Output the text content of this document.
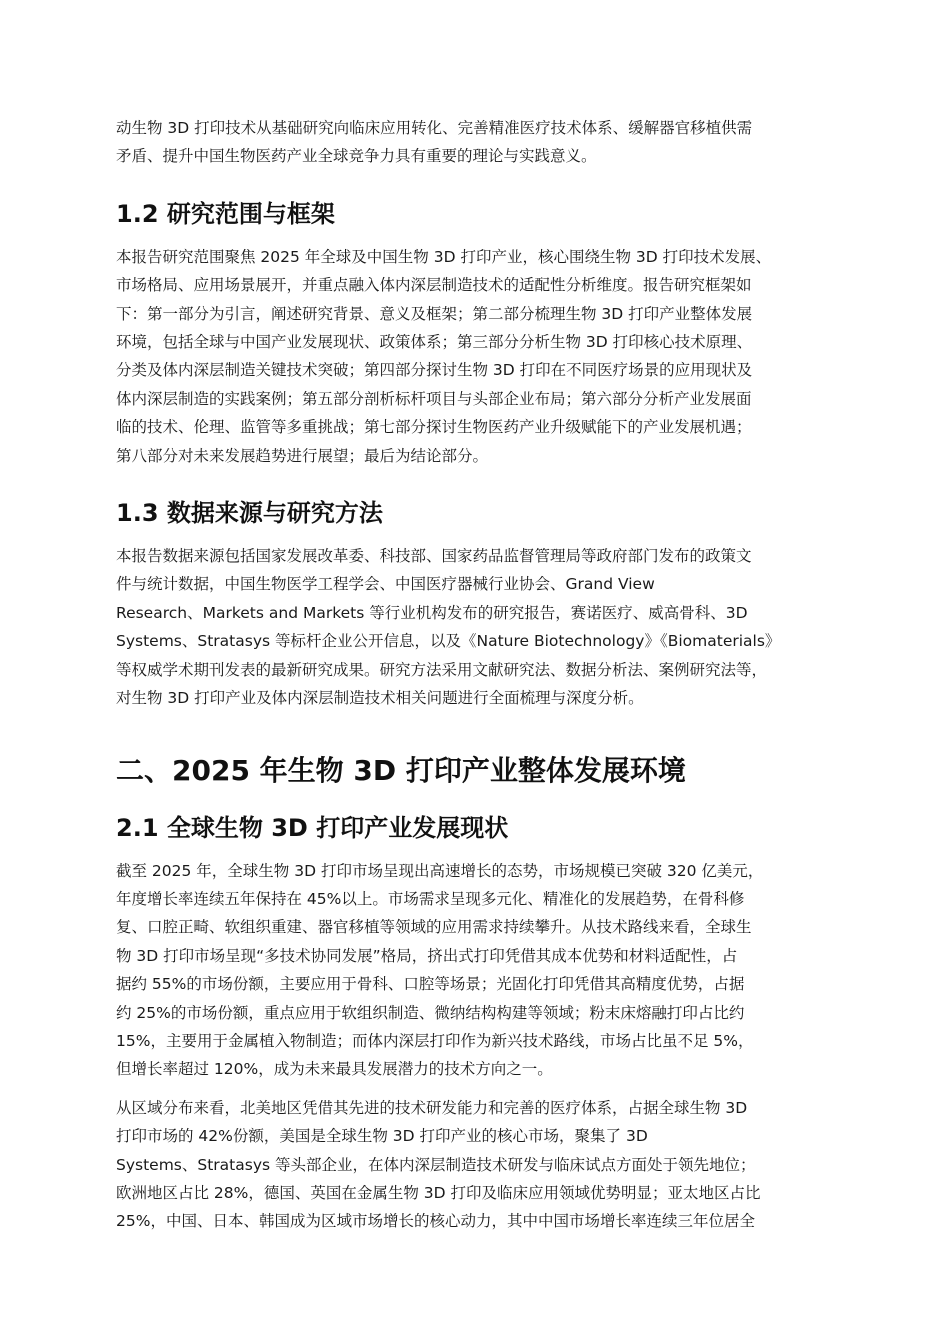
动生物 3D 打印技术从基础研究向临床应用转化、完善精准医疗技术体系、缓解器官移植供需
矛盾、提升中国生物医药产业全球竞争力具有重要的理论与实践意义。

1.2 研究范围与框架

本报告研究范围聚焦 2025 年全球及中国生物 3D 打印产业，核心围绕生物 3D 打印技术发展、
市场格局、应用场景展开，并重点融入体内深层制造技术的适配性分析维度。报告研究框架如
下：第一部分为引言，阐述研究背景、意义及框架；第二部分梳理生物 3D 打印产业整体发展
环境，包括全球与中国产业发展现状、政策体系；第三部分分析生物 3D 打印核心技术原理、
分类及体内深层制造关键技术突破；第四部分探讨生物 3D 打印在不同医疗场景的应用现状及
体内深层制造的实践案例；第五部分剖析标杆项目与头部企业布局；第六部分分析产业发展面
临的技术、伦理、监管等多重挑战；第七部分探讨生物医药产业升级赋能下的产业发展机遇；
第八部分对未来发展趋势进行展望；最后为结论部分。

1.3 数据来源与研究方法

本报告数据来源包括国家发展改革委、科技部、国家药品监督管理局等政府部门发布的政策文
件与统计数据，中国生物医学工程学会、中国医疗器械行业协会、Grand View
Research、Markets and Markets 等行业机构发布的研究报告，赛诺医疗、威高骨科、3D
Systems、Stratasys 等标杆企业公开信息，以及《Nature Biotechnology》《Biomaterials》
等权威学术期刊发表的最新研究成果。研究方法采用文献研究法、数据分析法、案例研究法等，
对生物 3D 打印产业及体内深层制造技术相关问题进行全面梳理与深度分析。

二、2025 年生物 3D 打印产业整体发展环境
2.1 全球生物 3D 打印产业发展现状

截至 2025 年，全球生物 3D 打印市场呈现出高速增长的态势，市场规模已突破 320 亿美元，
年度增长率连续五年保持在 45%以上。市场需求呈现多元化、精准化的发展趋势，在骨科修
复、口腔正畸、软组织重建、器官移植等领域的应用需求持续攀升。从技术路线来看，全球生
物 3D 打印市场呈现“多技术协同发展”格局，挤出式打印凭借其成本优势和材料适配性，占
据约 55%的市场份额，主要应用于骨科、口腔等场景；光固化打印凭借其高精度优势，占据
约 25%的市场份额，重点应用于软组织制造、微纳结构构建等领域；粉末床熔融打印占比约
15%，主要用于金属植入物制造；而体内深层打印作为新兴技术路线，市场占比虽不足 5%，
但增长率超过 120%，成为未来最具发展潜力的技术方向之一。

从区域分布来看，北美地区凭借其先进的技术研发能力和完善的医疗体系，占据全球生物 3D
打印市场的 42%份额，美国是全球生物 3D 打印产业的核心市场，聚集了 3D
Systems、Stratasys 等头部企业，在体内深层制造技术研发与临床试点方面处于领先地位；
欧洲地区占比 28%，德国、英国在金属生物 3D 打印及临床应用领域优势明显；亚太地区占比
25%，中国、日本、韩国成为区域市场增长的核心动力，其中中国市场增长率连续三年位居全
